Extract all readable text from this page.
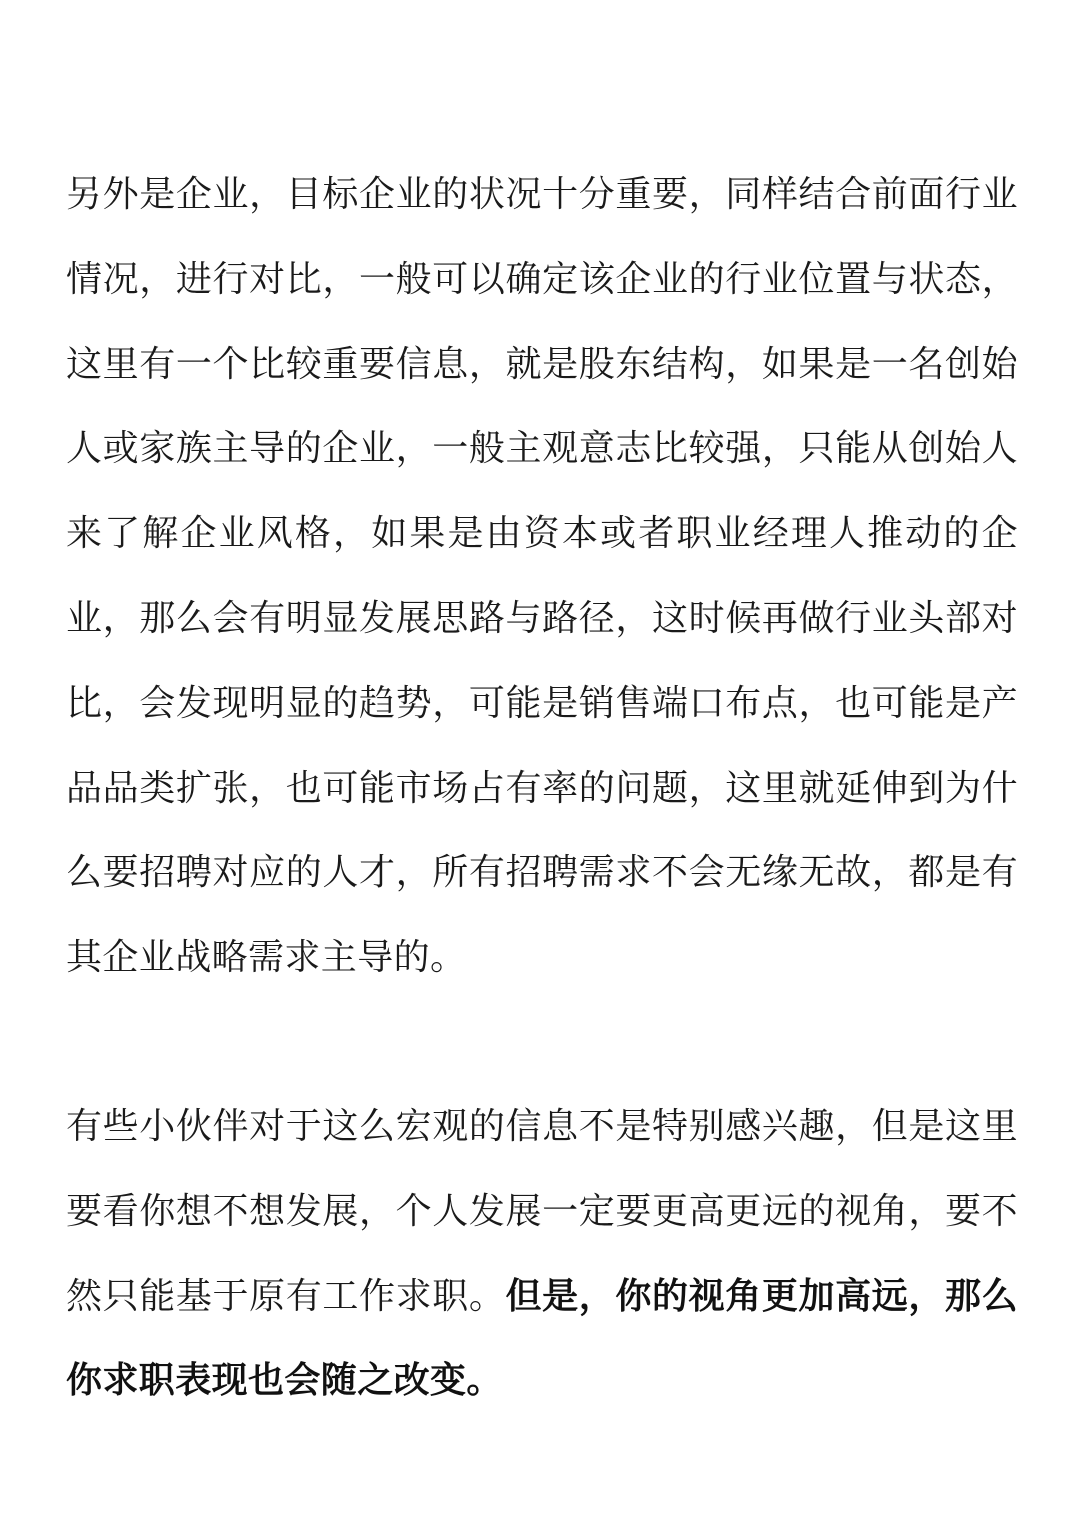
另外是企业，目标企业的状况十分重要，同样结合前面行业情况，进行对比，一般可以确定该企业的行业位置与状态，这里有一个比较重要信息，就是股东结构，如果是一名创始人或家族主导的企业，一般主观意志比较强，只能从创始人来了解企业风格，如果是由资本或者职业经理人推动的企业，那么会有明显发展思路与路径，这时候再做行业头部对比，会发现明显的趋势，可能是销售端口布点，也可能是产品品类扩张，也可能市场占有率的问题，这里就延伸到为什么要招聘对应的人才，所有招聘需求不会无缘无故，都是有其企业战略需求主导的。

有些小伙伴对于这么宏观的信息不是特别感兴趣，但是这里要看你想不想发展，个人发展一定要更高更远的视角，要不然只能基于原有工作求职。但是，你的视角更加高远，那么你求职表现也会随之改变。
